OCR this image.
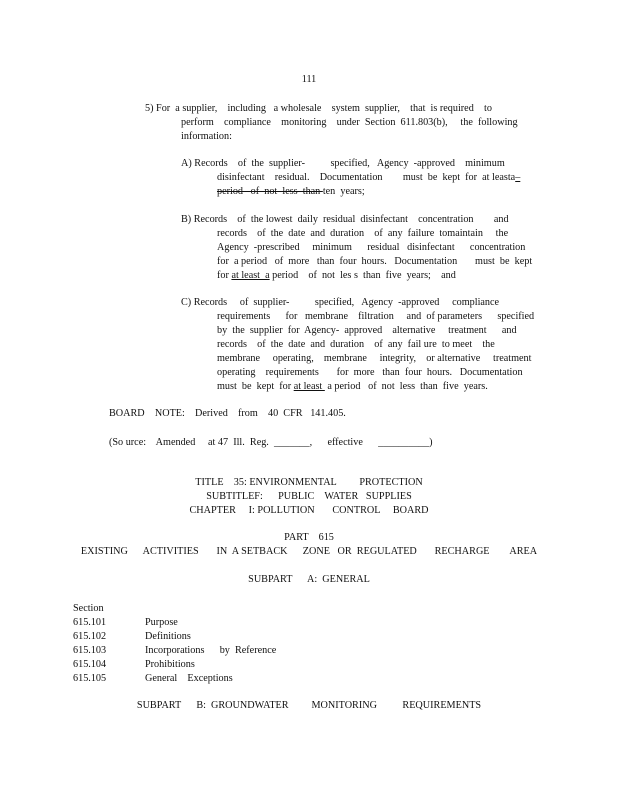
111
5) For  a supplier,    including   a wholesale    system  supplier,    that  is required    to
perform    compliance    monitoring    under  Section  611.803(b),     the  following
information:
A) Records    of  the  supplier-          specified,   Agency  -approved    minimum
disinfectant    residual.    Documentation        must  be  kept  for  at leasta–
period   of  not  less  than ten  years;
B) Records    of  the lowest  daily  residual  disinfectant    concentration        and
records    of  the  date  and  duration    of  any  failure  tomaintain     the
Agency  -prescribed     minimum      residual   disinfectant      concentration
for  a period   of  more   than  four  hours.   Documentation       must  be  kept
for at least  a period    of  not  les s  than  five  years;    and
C) Records     of  supplier-          specified,   Agency  -approved     compliance
requirements      for   membrane    filtration     and  of parameters      specified
by  the  supplier  for  Agency-  approved    alternative     treatment      and
records    of  the  date  and  duration    of  any  fail ure  to meet    the
membrane     operating,    membrane     integrity,    or alternative     treatment
operating    requirements       for  more   than  four  hours.   Documentation
must  be  kept  for at least  a period   of  not  less  than  five  years.
BOARD    NOTE:    Derived    from    40  CFR   141.405.
(So urce:    Amended     at 47  Ill.  Reg.  _______,      effective      __________)
TITLE    35: ENVIRONMENTAL         PROTECTION
SUBTITLEF:      PUBLIC    WATER   SUPPLIES
CHAPTER     I: POLLUTION       CONTROL     BOARD
PART    615
EXISTING      ACTIVITIES       IN  A SETBACK      ZONE   OR  REGULATED       RECHARGE        AREA
SUBPART      A:  GENERAL
Section
615.101	Purpose
615.102	Definitions
615.103	Incorporations      by  Reference
615.104	Prohibitions
615.105	General    Exceptions
SUBPART      B:  GROUNDWATER         MONITORING          REQUIREMENTS
